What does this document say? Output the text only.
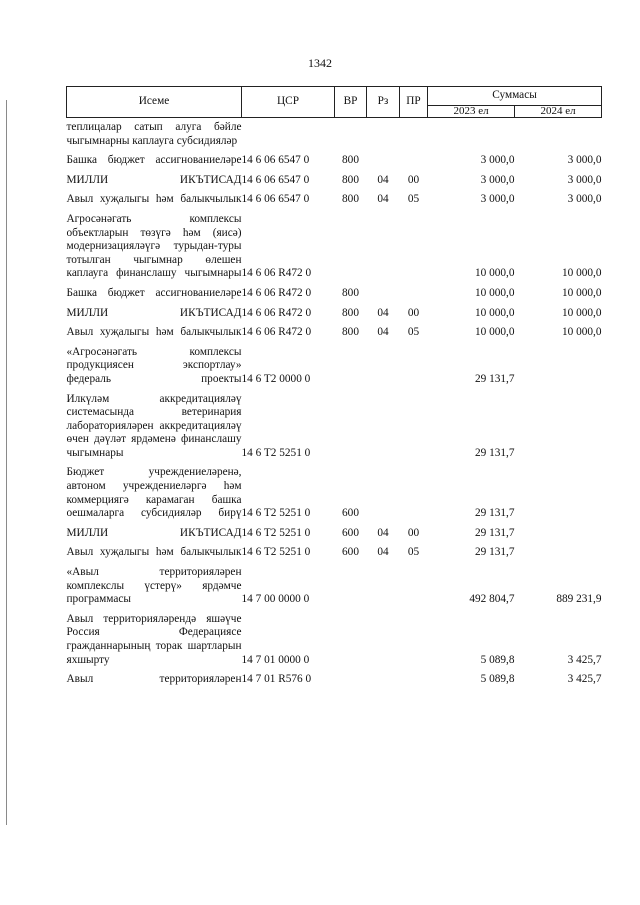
1342
Исеме	ЦСР	ВР	Рз	ПР	Суммасы	
					2023 ел	2024 ел
теплицалар сатып алуга бәйле чыгымнарны каплауга субсидияләр						
Башка бюджет ассигнованиеләре	14 6 06 6547 0	800			3 000,0	3 000,0
МИЛЛИ ИКЪТИСАД	14 6 06 6547 0	800	04	00	3 000,0	3 000,0
Авыл хуҗалыгы һәм балыкчылык	14 6 06 6547 0	800	04	05	3 000,0	3 000,0
Агросәнәгать комплексы объектларын төзүгә һәм (яисә) модернизацияләүгә турыдан-туры тотылган чыгымнар өлешен каплауга финанслашу чыгымнары	14 6 06 R472 0				10 000,0	10 000,0
Башка бюджет ассигнованиеләре	14 6 06 R472 0	800			10 000,0	10 000,0
МИЛЛИ ИКЪТИСАД	14 6 06 R472 0	800	04	00	10 000,0	10 000,0
Авыл хуҗалыгы һәм балыкчылык	14 6 06 R472 0	800	04	05	10 000,0	10 000,0
«Агросәнәгать комплексы продукциясен экспортлау» федераль проекты	14 6 T2 0000 0				29 131,7	
Илкүләм аккредитацияләү системасында ветеринария лабораторияләрен аккредитацияләү өчен дәүләт ярдәменә финанслашу чыгымнары	14 6 T2 5251 0				29 131,7	
Бюджет учреждениеләренә, автоном учреждениеләргә һәм коммерциягә карамаган башка оешмаларга субсидияләр бирү	14 6 T2 5251 0	600			29 131,7	
МИЛЛИ ИКЪТИСАД	14 6 T2 5251 0	600	04	00	29 131,7	
Авыл хуҗалыгы һәм балыкчылык	14 6 T2 5251 0	600	04	05	29 131,7	
«Авыл территорияләрен комплекслы үстерү» ярдәмче программасы	14 7 00 0000 0				492 804,7	889 231,9
Авыл территорияләрендә яшәүче Россия Федерациясе гражданнарының торак шартларын яхшырту	14 7 01 0000 0				5 089,8	3 425,7
Авыл территорияләрен	14 7 01 R576 0				5 089,8	3 425,7
